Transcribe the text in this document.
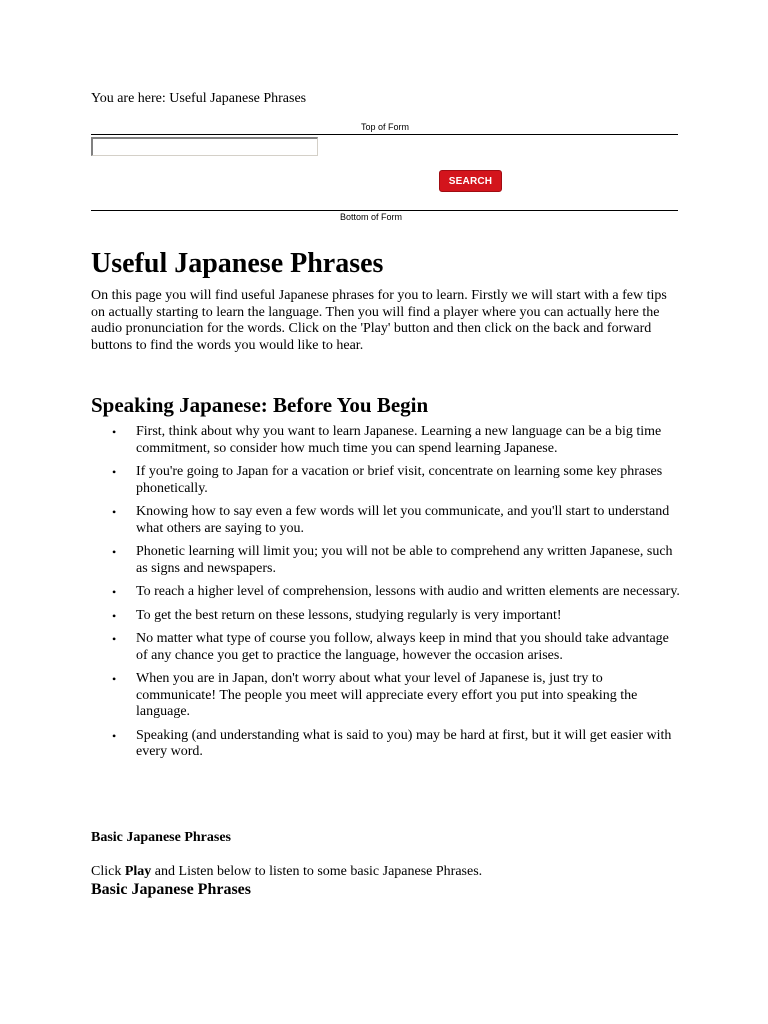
You are here: Useful Japanese Phrases
Top of Form
SEARCH
Bottom of Form
Useful Japanese Phrases

On this page you will find useful Japanese phrases for you to learn. Firstly we will start with a few tips on actually starting to learn the language. Then you will find a player where you can actually here the audio pronunciation for the words. Click on the 'Play' button and then click on the back and forward buttons to find the words you would like to hear.

Speaking Japanese: Before You Begin
• First, think about why you want to learn Japanese. Learning a new language can be a big time commitment, so consider how much time you can spend learning Japanese.
• If you're going to Japan for a vacation or brief visit, concentrate on learning some key phrases phonetically.
• Knowing how to say even a few words will let you communicate, and you'll start to understand what others are saying to you.
• Phonetic learning will limit you; you will not be able to comprehend any written Japanese, such as signs and newspapers.
• To reach a higher level of comprehension, lessons with audio and written elements are necessary.
• To get the best return on these lessons, studying regularly is very important!
• No matter what type of course you follow, always keep in mind that you should take advantage of any chance you get to practice the language, however the occasion arises.
• When you are in Japan, don't worry about what your level of Japanese is, just try to communicate! The people you meet will appreciate every effort you put into speaking the language.
• Speaking (and understanding what is said to you) may be hard at first, but it will get easier with every word.
Basic Japanese Phrases
Click Play and Listen below to listen to some basic Japanese Phrases.
Basic Japanese Phrases
